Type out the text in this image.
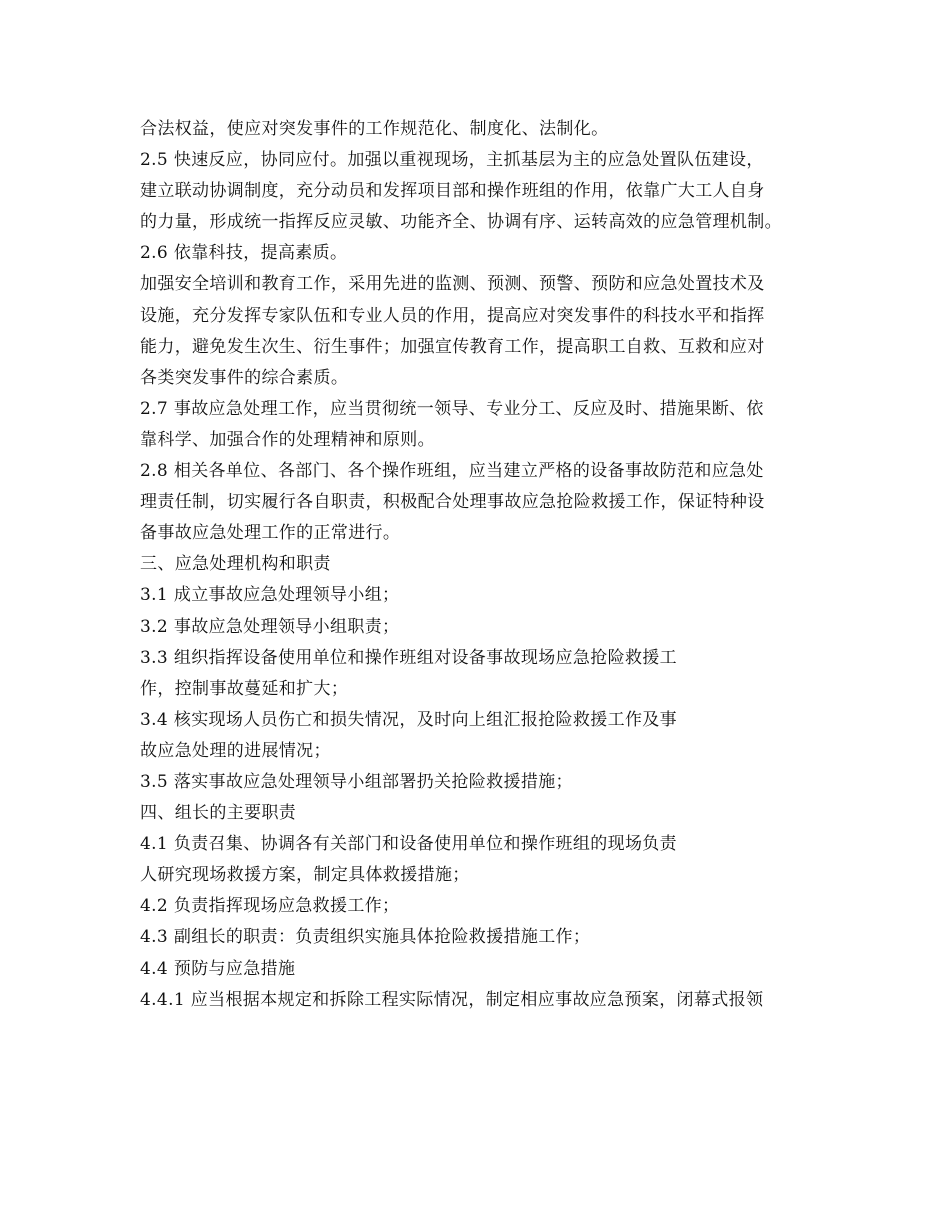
合法权益，使应对突发事件的工作规范化、制度化、法制化。
2.5 快速反应，协同应付。加强以重视现场，主抓基层为主的应急处置队伍建设，
建立联动协调制度，充分动员和发挥项目部和操作班组的作用，依靠广大工人自身
的力量，形成统一指挥反应灵敏、功能齐全、协调有序、运转高效的应急管理机制。
2.6 依靠科技，提高素质。
加强安全培训和教育工作，采用先进的监测、预测、预警、预防和应急处置技术及
设施，充分发挥专家队伍和专业人员的作用，提高应对突发事件的科技水平和指挥
能力，避免发生次生、衍生事件；加强宣传教育工作，提高职工自救、互救和应对
各类突发事件的综合素质。
2.7 事故应急处理工作，应当贯彻统一领导、专业分工、反应及时、措施果断、依
靠科学、加强合作的处理精神和原则。
2.8 相关各单位、各部门、各个操作班组，应当建立严格的设备事故防范和应急处
理责任制，切实履行各自职责，积极配合处理事故应急抢险救援工作，保证特种设
备事故应急处理工作的正常进行。
三、应急处理机构和职责
3.1 成立事故应急处理领导小组；
3.2 事故应急处理领导小组职责；
3.3 组织指挥设备使用单位和操作班组对设备事故现场应急抢险救援工
作，控制事故蔓延和扩大；
3.4 核实现场人员伤亡和损失情况，及时向上组汇报抢险救援工作及事
故应急处理的进展情况；
3.5 落实事故应急处理领导小组部署扔关抢险救援措施；
四、组长的主要职责
4.1 负责召集、协调各有关部门和设备使用单位和操作班组的现场负责
人研究现场救援方案，制定具体救援措施；
4.2 负责指挥现场应急救援工作；
4.3 副组长的职责：负责组织实施具体抢险救援措施工作；
4.4 预防与应急措施
4.4.1 应当根据本规定和拆除工程实际情况，制定相应事故应急预案，闭幕式报领
